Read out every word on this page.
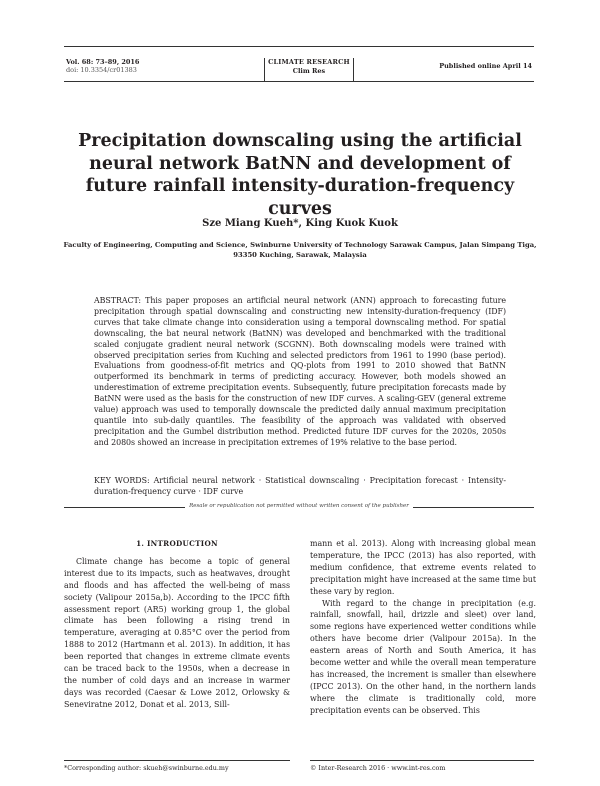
Vol. 68: 73–89, 2016
doi: 10.3354/cr01383
CLIMATE RESEARCH
Clim Res
Published online April 14
Precipitation downscaling using the artificial neural network BatNN and development of future rainfall intensity-duration-frequency curves
Sze Miang Kueh*, King Kuok Kuok
Faculty of Engineering, Computing and Science, Swinburne University of Technology Sarawak Campus, Jalan Simpang Tiga, 93350 Kuching, Sarawak, Malaysia
ABSTRACT: This paper proposes an artificial neural network (ANN) approach to forecasting future precipitation through spatial downscaling and constructing new intensity-duration-frequency (IDF) curves that take climate change into consideration using a temporal downscaling method. For spatial downscaling, the bat neural network (BatNN) was developed and benchmarked with the traditional scaled conjugate gradient neural network (SCGNN). Both downscaling models were trained with observed precipitation series from Kuching and selected predictors from 1961 to 1990 (base period). Evaluations from goodness-of-fit metrics and QQ-plots from 1991 to 2010 showed that BatNN outperformed its benchmark in terms of predicting accuracy. However, both models showed an underestimation of extreme precipitation events. Subsequently, future precipitation forecasts made by BatNN were used as the basis for the construction of new IDF curves. A scaling-GEV (general extreme value) approach was used to temporally downscale the predicted daily annual maximum precipitation quantile into sub-daily quantiles. The feasibility of the approach was validated with observed precipitation and the Gumbel distribution method. Predicted future IDF curves for the 2020s, 2050s and 2080s showed an increase in precipitation extremes of 19% relative to the base period.
KEY WORDS: Artificial neural network · Statistical downscaling · Precipitation forecast · Intensity-duration-frequency curve · IDF curve
Resale or republication not permitted without written consent of the publisher
1. INTRODUCTION

Climate change has become a topic of general interest due to its impacts, such as heatwaves, drought and floods and has affected the well-being of mass society (Valipour 2015a,b). According to the IPCC fifth assessment report (AR5) working group 1, the global climate has been following a rising trend in temperature, averaging at 0.85°C over the period from 1888 to 2012 (Hartmann et al. 2013). In addition, it has been reported that changes in extreme climate events can be traced back to the 1950s, when a decrease in the number of cold days and an increase in warmer days was recorded (Caesar & Lowe 2012, Orlowsky & Seneviratne 2012, Donat et al. 2013, Sill-

mann et al. 2013). Along with increasing global mean temperature, the IPCC (2013) has also reported, with medium confidence, that extreme events related to precipitation might have increased at the same time but these vary by region.

With regard to the change in precipitation (e.g. rainfall, snowfall, hail, drizzle and sleet) over land, some regions have experienced wetter conditions while others have become drier (Valipour 2015a). In the eastern areas of North and South America, it has become wetter and while the overall mean temperature has increased, the increment is smaller than elsewhere (IPCC 2013). On the other hand, in the northern lands where the climate is traditionally cold, more precipitation events can be observed. This

*Corresponding author: skueh@swinburne.edu.my	© Inter-Research 2016 · www.int-res.com
